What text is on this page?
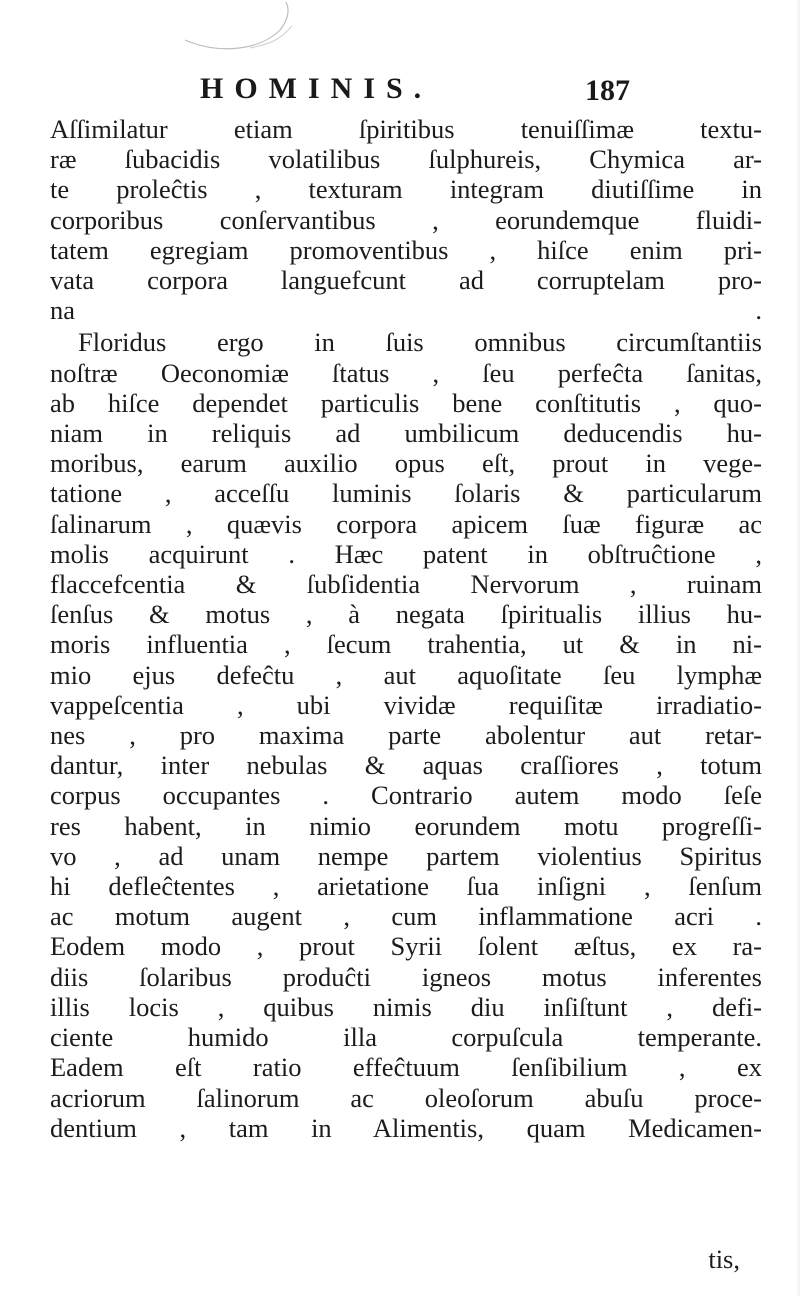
HOMINIS.	187
Aſſimilatur etiam ſpiritibus tenuiſſimæ textu-
ræ ſubacidis volatilibus ſulphureis, Chymica ar-
te proleĉtis , texturam integram diutiſſime in
corporibus conſervantibus , eorundemque fluidi-
tatem egregiam promoventibus , hiſce enim pri-
vata corpora languefcunt ad corruptelam pro-
na .
Floridus ergo in ſuis omnibus circumſtantiis
noſtræ Oeconomiæ ſtatus , ſeu perfeĉta ſanitas,
ab hiſce dependet particulis bene conſtitutis , quo-
niam in reliquis ad umbilicum deducendis hu-
moribus, earum auxilio opus eſt, prout in vege-
tatione , acceſſu luminis ſolaris & particularum
ſalinarum , quævis corpora apicem ſuæ figuræ ac
molis acquirunt . Hæc patent in obſtruĉtione ,
flaccefcentia & ſubſidentia Nervorum , ruinam
ſenſus & motus , à negata ſpiritualis illius hu-
moris influentia , ſecum trahentia, ut & in ni-
mio ejus defeĉtu , aut aquoſitate ſeu lymphæ
vappeſcentia , ubi vividæ requiſitæ irradiatio-
nes , pro maxima parte abolentur aut retar-
dantur, inter nebulas & aquas craſſiores , totum
corpus occupantes . Contrario autem modo ſeſe
res habent, in nimio eorundem motu progreſſi-
vo , ad unam nempe partem violentius Spiritus
hi defleĉtentes , arietatione ſua inſigni , ſenſum
ac motum augent , cum inflammatione acri .
Eodem modo , prout Syrii ſolent æſtus, ex ra-
diis ſolaribus produĉti igneos motus inferentes
illis locis , quibus nimis diu inſiſtunt , defi-
ciente humido illa corpuſcula temperante.
Eadem eſt ratio effeĉtuum ſenſibilium , ex
acriorum ſalinorum ac oleoſorum abuſu proce-
dentium , tam in Alimentis, quam Medicamen-
tis,
